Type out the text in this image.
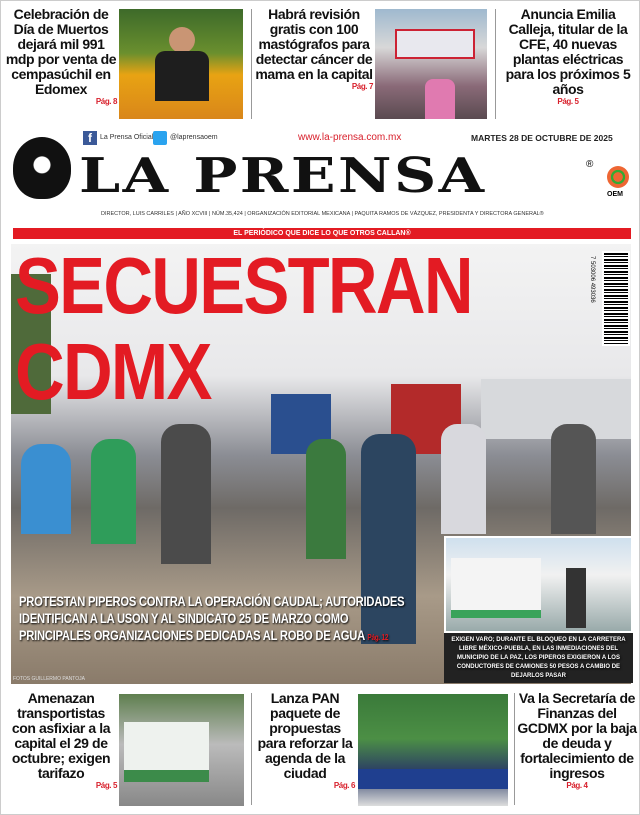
Celebración de Día de Muertos dejará mil 991 mdp por venta de cempasúchil en Edomex
Pág. 8
Habrá revisión gratis con 100 mastógrafos para detectar cáncer de mama en la capital
Pág. 7
Anuncia Emilia Calleja, titular de la CFE, 40 nuevas plantas eléctricas para los próximos 5 años
Pág. 5
f	La Prensa Oficial @laprensaoem	www.la-prensa.com.mx	MARTES 28 DE OCTUBRE DE 2025
LA PRENSA	®
OEM
DIRECTOR, LUIS CARRILES | AÑO XCVIII | NÚM.35,424 | ORGANIZACIÓN EDITORIAL MEXICANA | PAQUITA RAMOS DE VÁZQUEZ, PRESIDENTA Y DIRECTORA GENERAL®
EL PERIÓDICO QUE DICE LO QUE OTROS CALLAN®
SECUESTRAN
CDMX
7 503006 493036
EXIGEN VARO; DURANTE EL BLOQUEO EN LA CARRETERA LIBRE MÉXICO-PUEBLA, EN LAS INMEDIACIONES DEL MUNICIPIO DE LA PAZ, LOS PIPEROS EXIGIERON A LOS CONDUCTORES DE CAMIONES 50 PESOS A CAMBIO DE DEJARLOS PASAR
PROTESTAN PIPEROS CONTRA LA OPERACIÓN CAUDAL; AUTORIDADES IDENTIFICAN A LA USON Y AL SINDICATO 25 DE MARZO COMO PRINCIPALES ORGANIZACIONES DEDICADAS AL ROBO DE AGUA Pág. 12
FOTOS GUILLERMO PANTOJA
Amenazan transportistas con asfixiar a la capital el 29 de octubre; exigen tarifazo
Pág. 5
Lanza PAN paquete de propuestas para reforzar la agenda de la ciudad
Pág. 6
Va la Secretaría de Finanzas del GCDMX por la baja de deuda y fortalecimiento de ingresos
Pág. 4
